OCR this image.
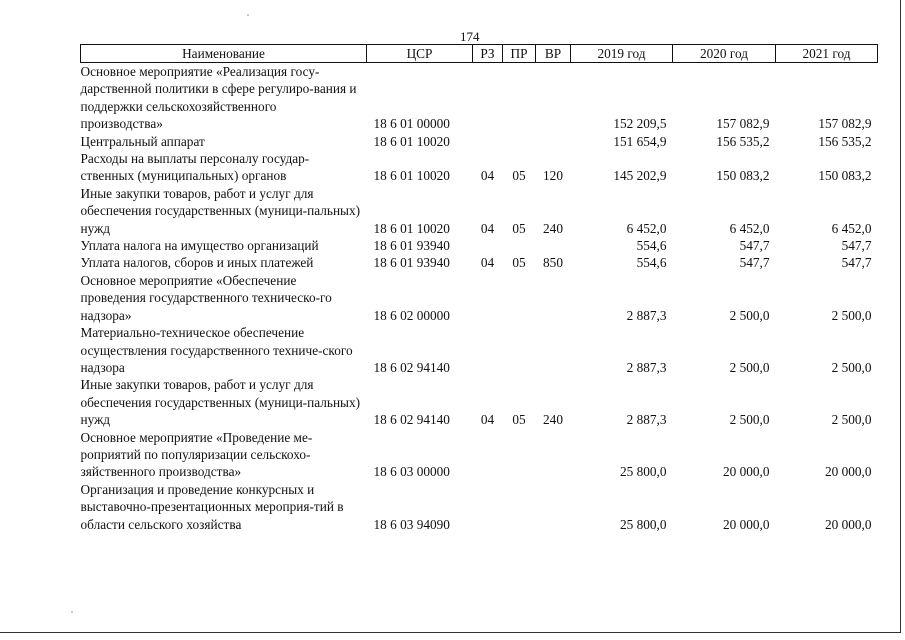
174
Наименование	ЦСР	РЗ	ПР	ВР	2019 год	2020 год	2021 год
Основное мероприятие «Реализация госу-дарственной политики в сфере регулиро-вания и поддержки сельскохозяйственного производства»	18 6 01 00000				152 209,5	157 082,9	157 082,9
Центральный аппарат	18 6 01 10020				151 654,9	156 535,2	156 535,2
Расходы на выплаты персоналу государ-ственных (муниципальных) органов	18 6 01 10020	04	05	120	145 202,9	150 083,2	150 083,2
Иные закупки товаров, работ и услуг для обеспечения государственных (муници-пальных) нужд	18 6 01 10020	04	05	240	6 452,0	6 452,0	6 452,0
Уплата налога на имущество организаций	18 6 01 93940				554,6	547,7	547,7
Уплата налогов, сборов и иных платежей	18 6 01 93940	04	05	850	554,6	547,7	547,7
Основное мероприятие «Обеспечение проведения государственного техническо-го надзора»	18 6 02 00000				2 887,3	2 500,0	2 500,0
Материально-техническое обеспечение осуществления государственного техниче-ского надзора	18 6 02 94140				2 887,3	2 500,0	2 500,0
Иные закупки товаров, работ и услуг для обеспечения государственных (муници-пальных) нужд	18 6 02 94140	04	05	240	2 887,3	2 500,0	2 500,0
Основное мероприятие «Проведение ме-роприятий по популяризации сельскохо-зяйственного производства»	18 6 03 00000				25 800,0	20 000,0	20 000,0
Организация и проведение конкурсных и выставочно-презентационных мероприя-тий в области сельского хозяйства	18 6 03 94090				25 800,0	20 000,0	20 000,0
